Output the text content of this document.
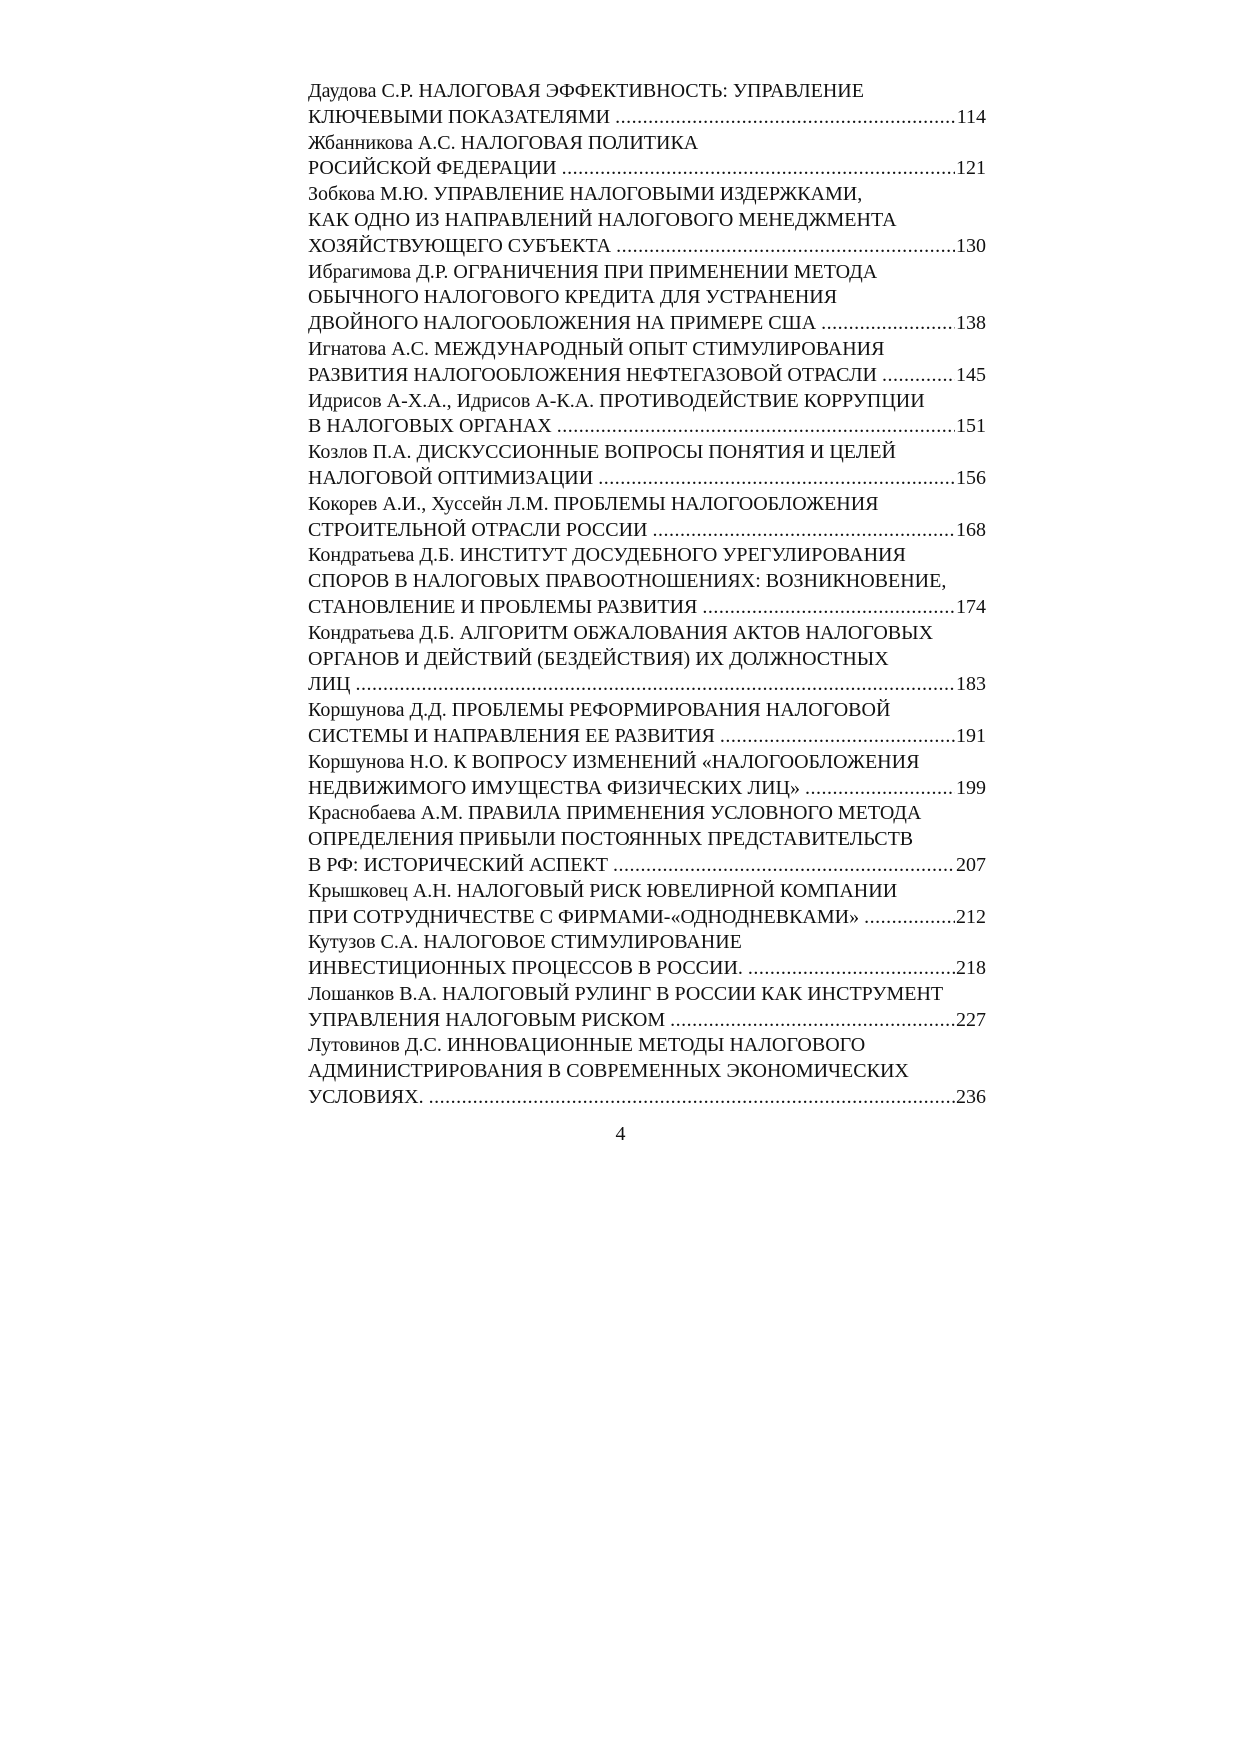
Даудова С.Р. НАЛОГОВАЯ ЭФФЕКТИВНОСТЬ: УПРАВЛЕНИЕ
КЛЮЧЕВЫМИ ПОКАЗАТЕЛЯМИ .....	114
Жбанникова А.С. НАЛОГОВАЯ ПОЛИТИКА
РОСИЙСКОЙ ФЕДЕРАЦИИ .....	121
Зобкова М.Ю. УПРАВЛЕНИЕ НАЛОГОВЫМИ ИЗДЕРЖКАМИ,
КАК ОДНО ИЗ НАПРАВЛЕНИЙ НАЛОГОВОГО МЕНЕДЖМЕНТА
ХОЗЯЙСТВУЮЩЕГО СУБЪЕКТА .....	130
Ибрагимова Д.Р. ОГРАНИЧЕНИЯ ПРИ ПРИМЕНЕНИИ МЕТОДА
ОБЫЧНОГО НАЛОГОВОГО КРЕДИТА ДЛЯ УСТРАНЕНИЯ
ДВОЙНОГО НАЛОГООБЛОЖЕНИЯ НА ПРИМЕРЕ США .....	138
Игнатова А.С. МЕЖДУНАРОДНЫЙ ОПЫТ СТИМУЛИРОВАНИЯ
РАЗВИТИЯ НАЛОГООБЛОЖЕНИЯ НЕФТЕГАЗОВОЙ ОТРАСЛИ .....	145
Идрисов А-Х.А., Идрисов А-К.А. ПРОТИВОДЕЙСТВИЕ КОРРУПЦИИ
В НАЛОГОВЫХ ОРГАНАХ .....	151
Козлов П.А. ДИСКУССИОННЫЕ ВОПРОСЫ ПОНЯТИЯ И ЦЕЛЕЙ
НАЛОГОВОЙ ОПТИМИЗАЦИИ .....	156
Кокорев А.И., Хуссейн Л.М. ПРОБЛЕМЫ НАЛОГООБЛОЖЕНИЯ
СТРОИТЕЛЬНОЙ ОТРАСЛИ РОССИИ .....	168
Кондратьева Д.Б. ИНСТИТУТ ДОСУДЕБНОГО УРЕГУЛИРОВАНИЯ
СПОРОВ В НАЛОГОВЫХ ПРАВООТНОШЕНИЯХ: ВОЗНИКНОВЕНИЕ,
СТАНОВЛЕНИЕ И ПРОБЛЕМЫ РАЗВИТИЯ .....	174
Кондратьева Д.Б. АЛГОРИТМ ОБЖАЛОВАНИЯ АКТОВ НАЛОГОВЫХ
ОРГАНОВ И ДЕЙСТВИЙ (БЕЗДЕЙСТВИЯ) ИХ ДОЛЖНОСТНЫХ
ЛИЦ .....	183
Коршунова Д.Д. ПРОБЛЕМЫ РЕФОРМИРОВАНИЯ НАЛОГОВОЙ
СИСТЕМЫ И НАПРАВЛЕНИЯ ЕЕ РАЗВИТИЯ .....	191
Коршунова Н.О. К ВОПРОСУ ИЗМЕНЕНИЙ «НАЛОГООБЛОЖЕНИЯ
НЕДВИЖИМОГО ИМУЩЕСТВА ФИЗИЧЕСКИХ ЛИЦ» .....	199
Краснобаева А.М. ПРАВИЛА ПРИМЕНЕНИЯ УСЛОВНОГО МЕТОДА
ОПРЕДЕЛЕНИЯ ПРИБЫЛИ ПОСТОЯННЫХ ПРЕДСТАВИТЕЛЬСТВ
В РФ: ИСТОРИЧЕСКИЙ АСПЕКТ .....	207
Крышковец А.Н. НАЛОГОВЫЙ РИСК ЮВЕЛИРНОЙ КОМПАНИИ
ПРИ СОТРУДНИЧЕСТВЕ С ФИРМАМИ-«ОДНОДНЕВКАМИ» .....	212
Кутузов С.А. НАЛОГОВОЕ СТИМУЛИРОВАНИЕ
ИНВЕСТИЦИОННЫХ ПРОЦЕССОВ В РОССИИ. .....	218
Лошанков В.А. НАЛОГОВЫЙ РУЛИНГ В РОССИИ КАК ИНСТРУМЕНТ
УПРАВЛЕНИЯ НАЛОГОВЫМ РИСКОМ .....	227
Лутовинов Д.С. ИННОВАЦИОННЫЕ МЕТОДЫ НАЛОГОВОГО
АДМИНИСТРИРОВАНИЯ В СОВРЕМЕННЫХ ЭКОНОМИЧЕСКИХ
УСЛОВИЯХ. .....	236
4
